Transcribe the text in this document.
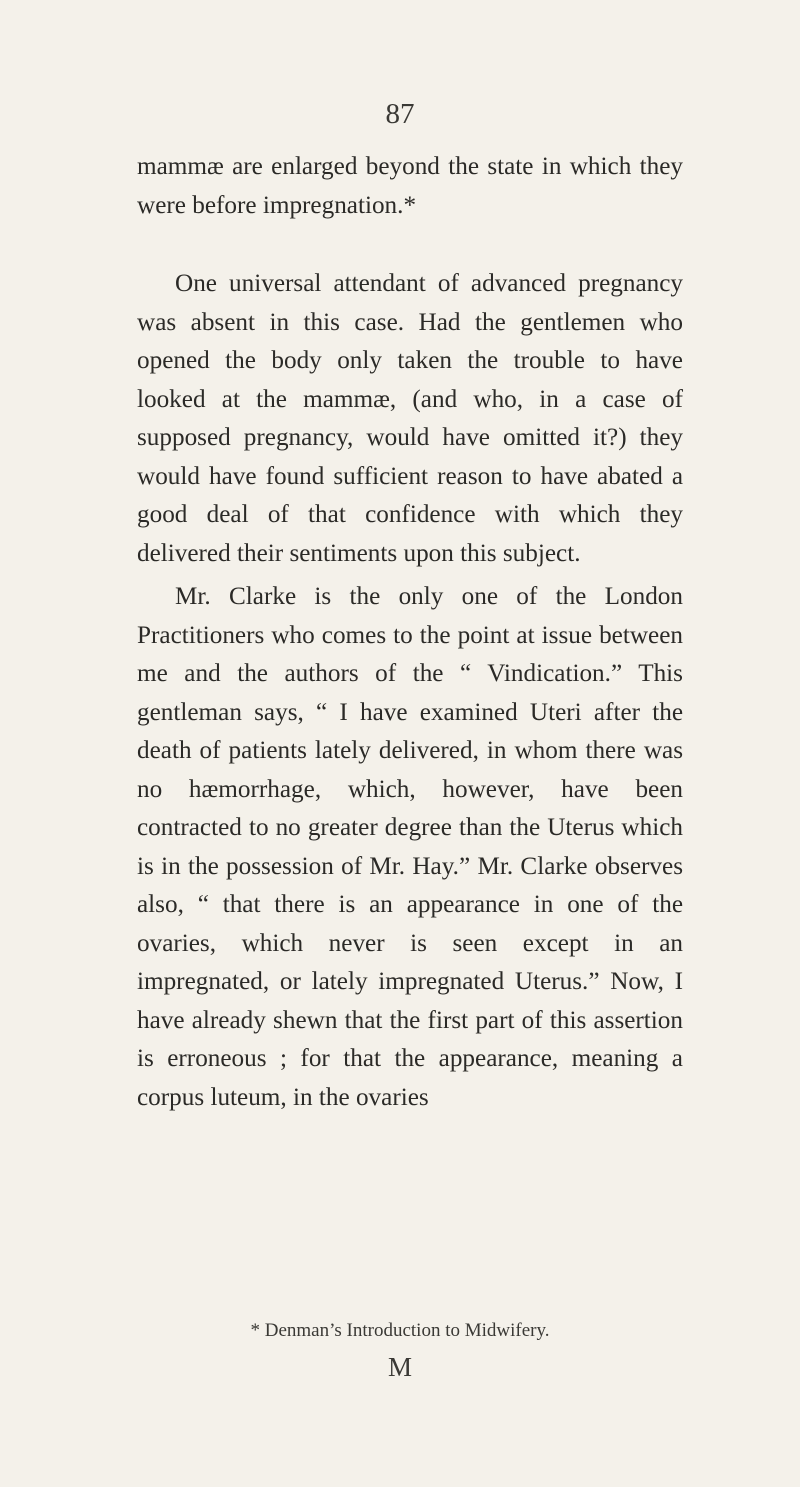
87

mammæ are enlarged beyond the state in which they were before impregnation.*

One universal attendant of advanced pregnancy was absent in this case. Had the gentlemen who opened the body only taken the trouble to have looked at the mammæ, (and who, in a case of supposed pregnancy, would have omitted it?) they would have found sufficient reason to have abated a good deal of that confidence with which they delivered their sentiments upon this subject.

Mr. Clarke is the only one of the London Practitioners who comes to the point at issue between me and the authors of the “ Vindication.” This gentleman says, “ I have examined Uteri after the death of patients lately delivered, in whom there was no hæmorrhage, which, however, have been contracted to no greater degree than the Uterus which is in the possession of Mr. Hay.” Mr. Clarke observes also, “ that there is an appearance in one of the ovaries, which never is seen except in an impregnated, or lately impregnated Uterus.” Now, I have already shewn that the first part of this assertion is erroneous ; for that the appearance, meaning a corpus luteum, in the ovaries

* Denman’s Introduction to Midwifery.
M
